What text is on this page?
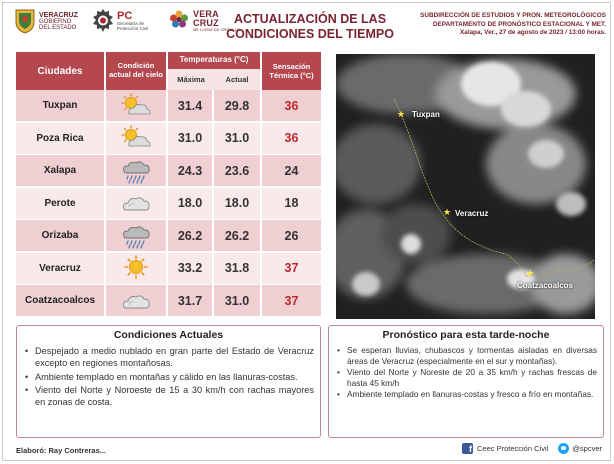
VERACRUZ
GOBIERNO
DEL ESTADO
PC
Secretaría de
Protección Civil
VERA
CRUZ
ME LLENA DE ORGULLO
ACTUALIZACIÓN DE LAS
CONDICIONES DEL TIEMPO
SUBDIRECCIÓN DE ESTUDIOS Y PRON. METEOROLÓGICOS
DEPARTAMENTO DE PRONÓSTICO ESTACIONAL Y MET.
Xalapa, Ver., 27 de agosto de 2023 / 13:00 horas.
Ciudades	Condición actual del cielo
Temperaturas (°C)
Máxima	Actual
Sensación Térmica (°C)
Tuxpan	31.4	29.8	36
Poza Rica	31.0	31.0	36
Xalapa	24.3	23.6	24
Perote	18.0	18.0	18
Orizaba	26.2	26.2	26
Veracruz	33.2	31.8	37
Coatzacoalcos	31.7	31.0	37
★ Tuxpan
★ Veracruz
★
Coatzacoalcos
Condiciones Actuales
• Despejado a medio nublado en gran parte del Estado de Veracruz excepto en regiones montañosas.
• Ambiente templado en montañas y cálido en las llanuras-costas.
• Viento del Norte y Noroeste de 15 a 30 km/h con rachas mayores en zonas de costa.
Pronóstico para esta tarde-noche
• Se esperan lluvias, chubascos y tormentas aisladas en diversas áreas de Veracruz (especialmente en el sur y montañas).
• Viento del Norte y Noreste de 20 a 35 km/h y rachas frescas de hasta 45 km/h
• Ambiente templado en llanuras-costas y fresco a frío en montañas.
Elaboró: Ray Contreras...	f Ceec Protección Civil	@spcver
